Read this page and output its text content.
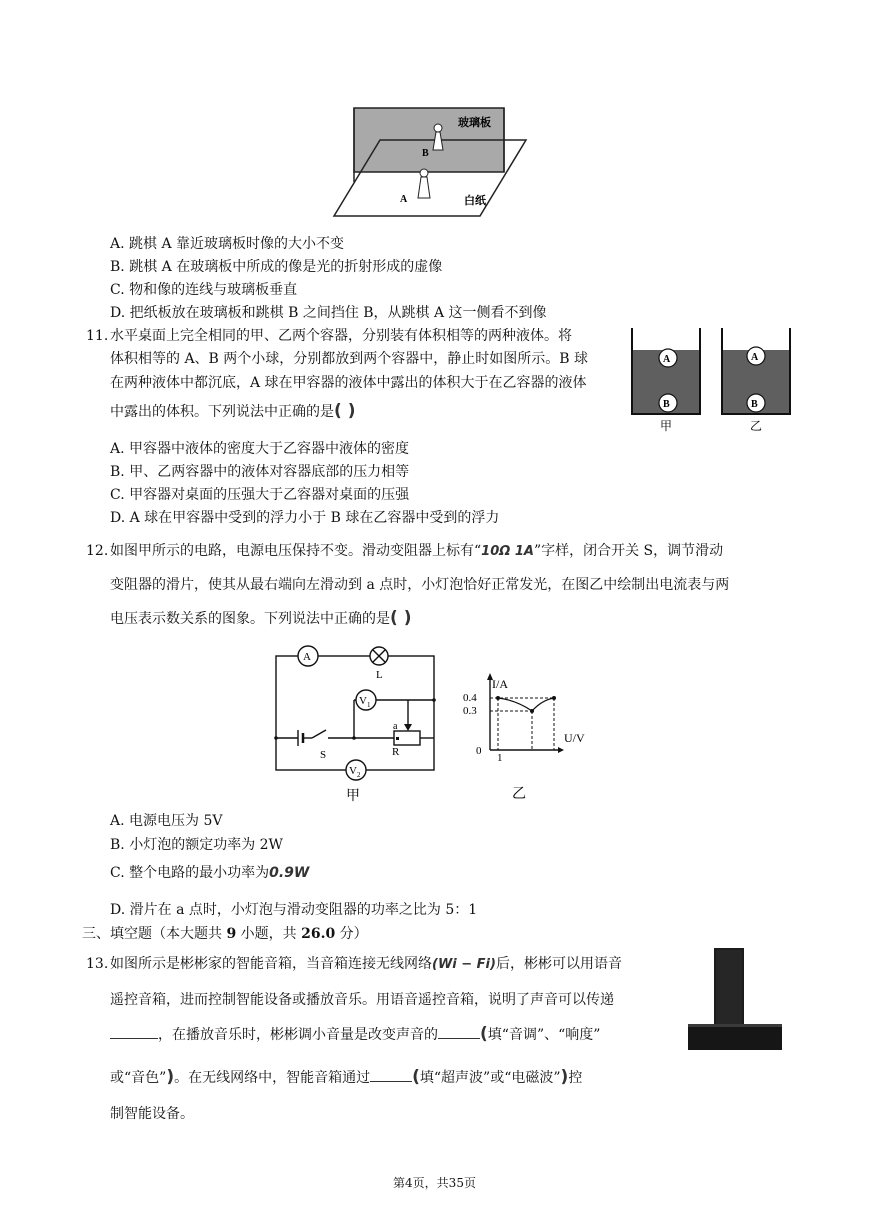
玻璃板
B
A	白纸
A. 跳棋 A 靠近玻璃板时像的大小不变
B. 跳棋 A 在玻璃板中所成的像是光的折射形成的虚像
C. 物和像的连线与玻璃板垂直
D. 把纸板放在玻璃板和跳棋 B 之间挡住 B，从跳棋 A 这一侧看不到像
11. 水平桌面上完全相同的甲、乙两个容器，分别装有体积相等的两种液体。将
体积相等的 A、B 两个小球，分别都放到两个容器中，静止时如图所示。B 球
在两种液体中都沉底，A 球在甲容器的液体中露出的体积大于在乙容器的液体
中露出的体积。下列说法中正确的是( )
A
B
A
B
甲	乙
A. 甲容器中液体的密度大于乙容器中液体的密度
B. 甲、乙两容器中的液体对容器底部的压力相等
C. 甲容器对桌面的压强大于乙容器对桌面的压强
D. A 球在甲容器中受到的浮力小于 B 球在乙容器中受到的浮力
12. 如图甲所示的电路，电源电压保持不变。滑动变阻器上标有“10Ω 1A”字样，闭合开关 S，调节滑动
变阻器的滑片，使其从最右端向左滑动到 a 点时，小灯泡恰好正常发光，在图乙中绘制出电流表与两
电压表示数关系的图象。下列说法中正确的是( )
A
L
$V_1$
S
a
R
$V_2$
甲
I/A
U/V
0.4
0.3
0
1
乙
A. 电源电压为 5V
B. 小灯泡的额定功率为 2W
C. 整个电路的最小功率为0.9W
D. 滑片在 a 点时，小灯泡与滑动变阻器的功率之比为 5：1
三、填空题（本大题共 9 小题，共 26.0 分）
13. 如图所示是彬彬家的智能音箱，当音箱连接无线网络(Wi − Fi)后，彬彬可以用语音
遥控音箱，进而控制智能设备或播放音乐。用语音遥控音箱，说明了声音可以传递
，在播放音乐时，彬彬调小音量是改变声音的 (填“音调”、“响度”
或“音色”)。在无线网络中，智能音箱通过 (填“超声波”或“电磁波”)控
制智能设备。
第4页，共35页
